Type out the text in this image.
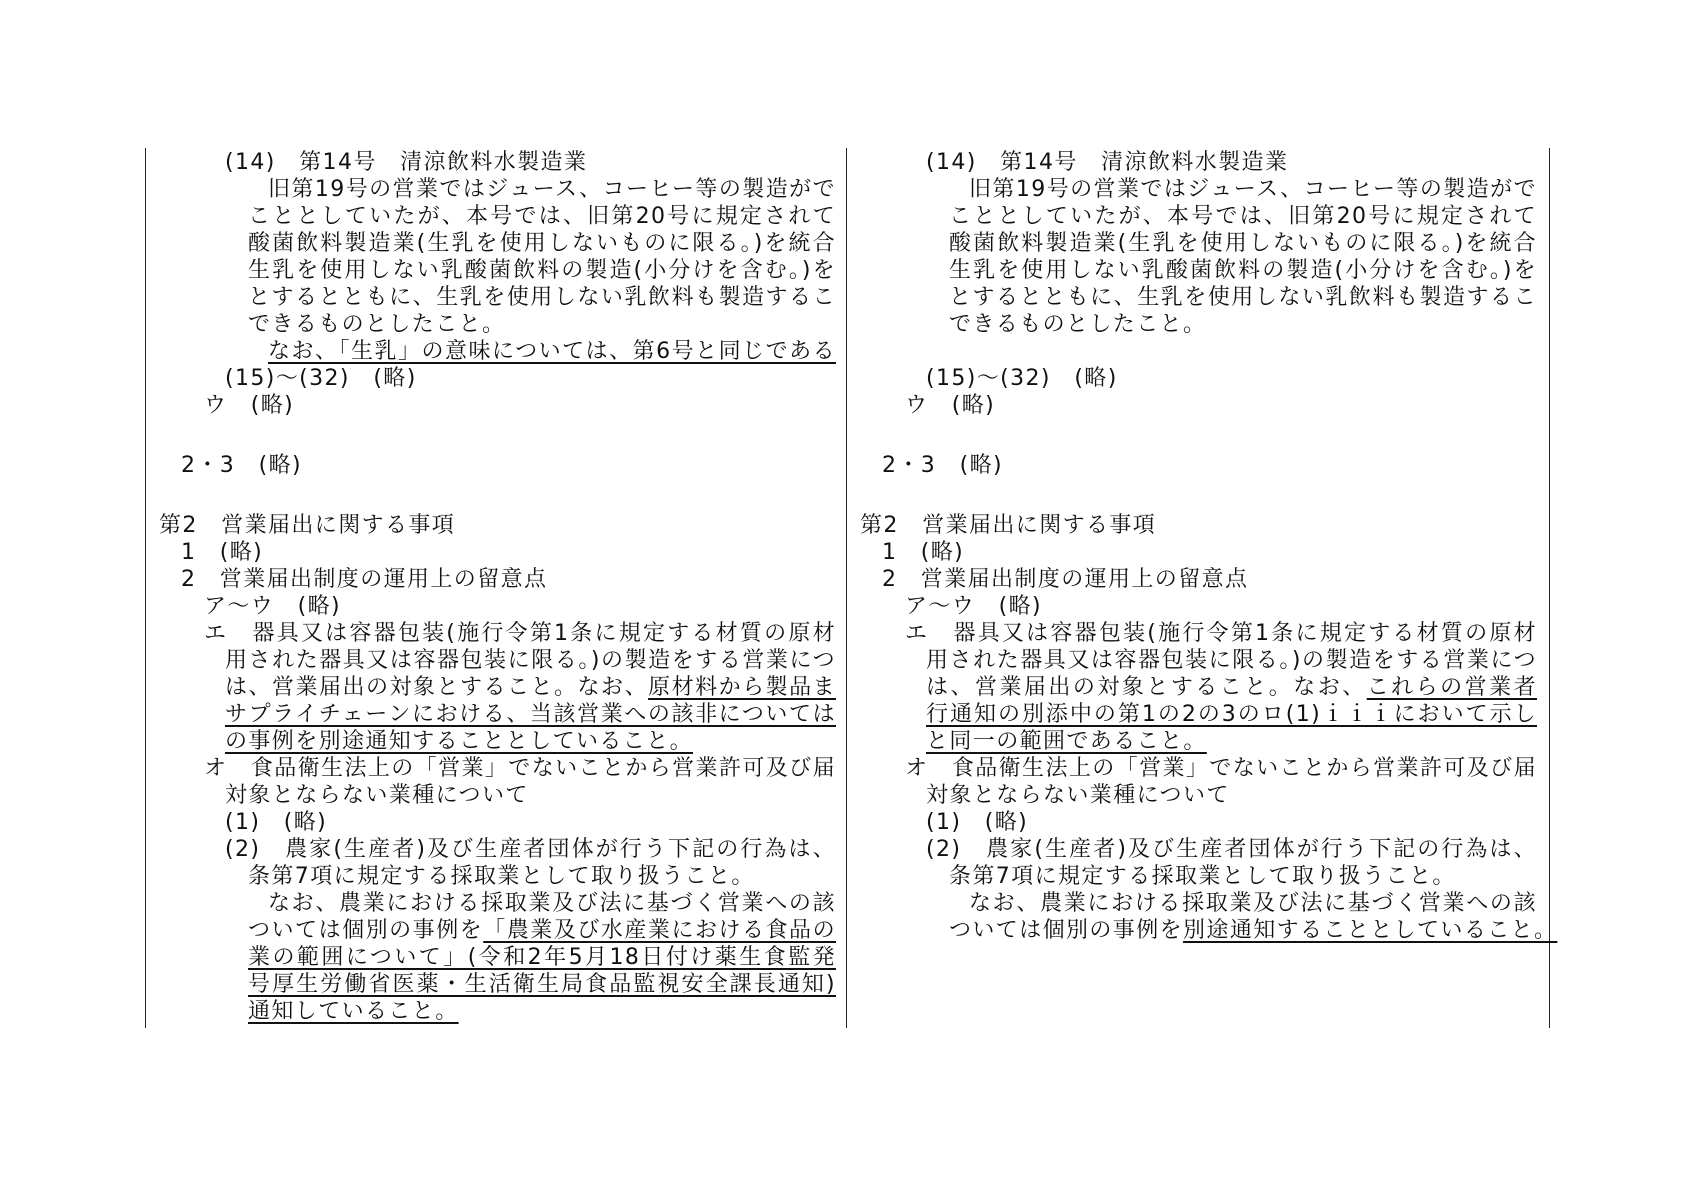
(14)　第14号　清涼飲料水製造業
旧第19号の営業ではジュース、コーヒー等の製造がで
こととしていたが、本号では、旧第20号に規定されて
酸菌飲料製造業(生乳を使用しないものに限る。)を統合
生乳を使用しない乳酸菌飲料の製造(小分けを含む。)を
とするとともに、生乳を使用しない乳飲料も製造するこ
できるものとしたこと。
なお、「生乳」の意味については、第6号と同じである
(15)～(32)　(略)
ウ　(略)
2・3　(略)
第2　営業届出に関する事項
1　(略)
2　営業届出制度の運用上の留意点
ア～ウ　(略)
エ　器具又は容器包装(施行令第1条に規定する材質の原材
用された器具又は容器包装に限る。)の製造をする営業につ
は、営業届出の対象とすること。なお、原材料から製品ま
サプライチェーンにおける、当該営業への該非については
の事例を別途通知することとしていること。
オ　食品衛生法上の「営業」でないことから営業許可及び届
対象とならない業種について
(1)　(略)
(2)　農家(生産者)及び生産者団体が行う下記の行為は、
条第7項に規定する採取業として取り扱うこと。
なお、農業における採取業及び法に基づく営業への該
ついては個別の事例を「農業及び水産業における食品の
業の範囲について」(令和2年5月18日付け薬生食監発
号厚生労働省医薬・生活衛生局食品監視安全課長通知)
通知していること。
(14)　第14号　清涼飲料水製造業
旧第19号の営業ではジュース、コーヒー等の製造がで
こととしていたが、本号では、旧第20号に規定されて
酸菌飲料製造業(生乳を使用しないものに限る。)を統合
生乳を使用しない乳酸菌飲料の製造(小分けを含む。)を
とするとともに、生乳を使用しない乳飲料も製造するこ
できるものとしたこと。
(15)～(32)　(略)
ウ　(略)
2・3　(略)
第2　営業届出に関する事項
1　(略)
2　営業届出制度の運用上の留意点
ア～ウ　(略)
エ　器具又は容器包装(施行令第1条に規定する材質の原材
用された器具又は容器包装に限る。)の製造をする営業につ
は、営業届出の対象とすること。なお、これらの営業者
行通知の別添中の第1の2の3のロ(1)ｉｉｉにおいて示し
と同一の範囲であること。
オ　食品衛生法上の「営業」でないことから営業許可及び届
対象とならない業種について
(1)　(略)
(2)　農家(生産者)及び生産者団体が行う下記の行為は、
条第7項に規定する採取業として取り扱うこと。
なお、農業における採取業及び法に基づく営業への該
ついては個別の事例を別途通知することとしていること。
